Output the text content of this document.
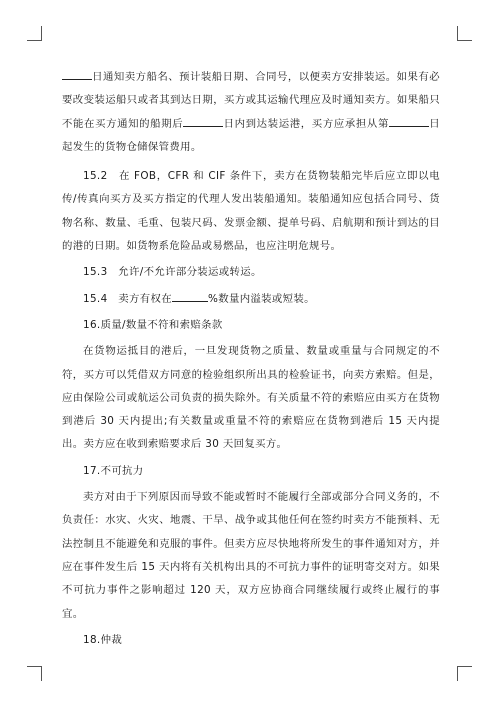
日通知卖方船名、预计装船日期、合同号，以便卖方安排装运。如果有必要改变装运船只或者其到达日期，买方或其运输代理应及时通知卖方。如果船只不能在买方通知的船期后	日内到达装运港，买方应承担从第	日起发生的货物仓储保管费用。

15.2　在 FOB，CFR 和 CIF 条件下，卖方在货物装船完毕后应立即以电传/传真向买方及买方指定的代理人发出装船通知。装船通知应包括合同号、货物名称、数量、毛重、包装尺码、发票金额、提单号码、启航期和预计到达的目的港的日期。如货物系危险品或易燃品，也应注明危规号。

15.3　允许/不允许部分装运或转运。

15.4　卖方有权在	%数量内溢装或短装。

16.质量/数量不符和索赔条款

在货物运抵目的港后，一旦发现货物之质量、数量或重量与合同规定的不符，买方可以凭借双方同意的检验组织所出具的检验证书，向卖方索赔。但是，应由保险公司或航运公司负责的损失除外。有关质量不符的索赔应由买方在货物到港后 30 天内提出;有关数量或重量不符的索赔应在货物到港后 15 天内提出。卖方应在收到索赔要求后 30 天回复买方。

17.不可抗力

卖方对由于下列原因而导致不能或暂时不能履行全部或部分合同义务的，不负责任：水灾、火灾、地震、干旱、战争或其他任何在签约时卖方不能预料、无法控制且不能避免和克服的事件。但卖方应尽快地将所发生的事件通知对方，并应在事件发生后 15 天内将有关机构出具的不可抗力事件的证明寄交对方。如果不可抗力事件之影响超过 120 天，双方应协商合同继续履行或终止履行的事宜。

18.仲裁
